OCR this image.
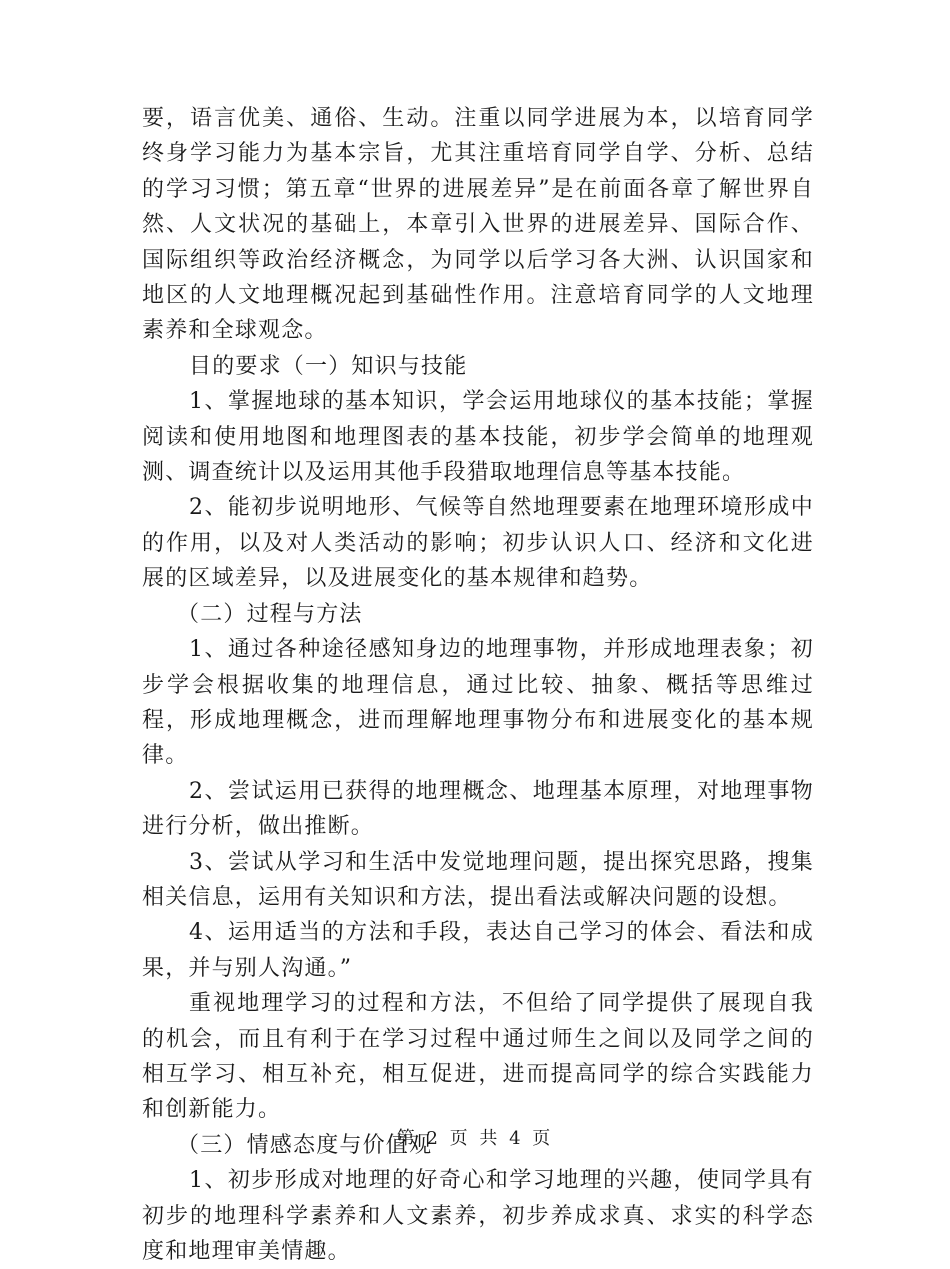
要，语言优美、通俗、生动。注重以同学进展为本，以培育同学终身学习能力为基本宗旨，尤其注重培育同学自学、分析、总结的学习习惯；第五章“世界的进展差异”是在前面各章了解世界自然、人文状况的基础上，本章引入世界的进展差异、国际合作、国际组织等政治经济概念，为同学以后学习各大洲、认识国家和地区的人文地理概况起到基础性作用。注意培育同学的人文地理素养和全球观念。

目的要求（一）知识与技能

1、掌握地球的基本知识，学会运用地球仪的基本技能；掌握阅读和使用地图和地理图表的基本技能，初步学会简单的地理观测、调查统计以及运用其他手段猎取地理信息等基本技能。

2、能初步说明地形、气候等自然地理要素在地理环境形成中的作用，以及对人类活动的影响；初步认识人口、经济和文化进展的区域差异，以及进展变化的基本规律和趋势。

（二）过程与方法

1、通过各种途径感知身边的地理事物，并形成地理表象；初步学会根据收集的地理信息，通过比较、抽象、概括等思维过程，形成地理概念，进而理解地理事物分布和进展变化的基本规律。

2、尝试运用已获得的地理概念、地理基本原理，对地理事物进行分析，做出推断。

3、尝试从学习和生活中发觉地理问题，提出探究思路，搜集相关信息，运用有关知识和方法，提出看法或解决问题的设想。

4、运用适当的方法和手段，表达自己学习的体会、看法和成果，并与别人沟通。”

重视地理学习的过程和方法，不但给了同学提供了展现自我的机会，而且有利于在学习过程中通过师生之间以及同学之间的相互学习、相互补充，相互促进，进而提高同学的综合实践能力和创新能力。

（三）情感态度与价值观

1、初步形成对地理的好奇心和学习地理的兴趣，使同学具有初步的地理科学素养和人文素养，初步养成求真、求实的科学态度和地理审美情趣。

第 2 页 共 4 页
